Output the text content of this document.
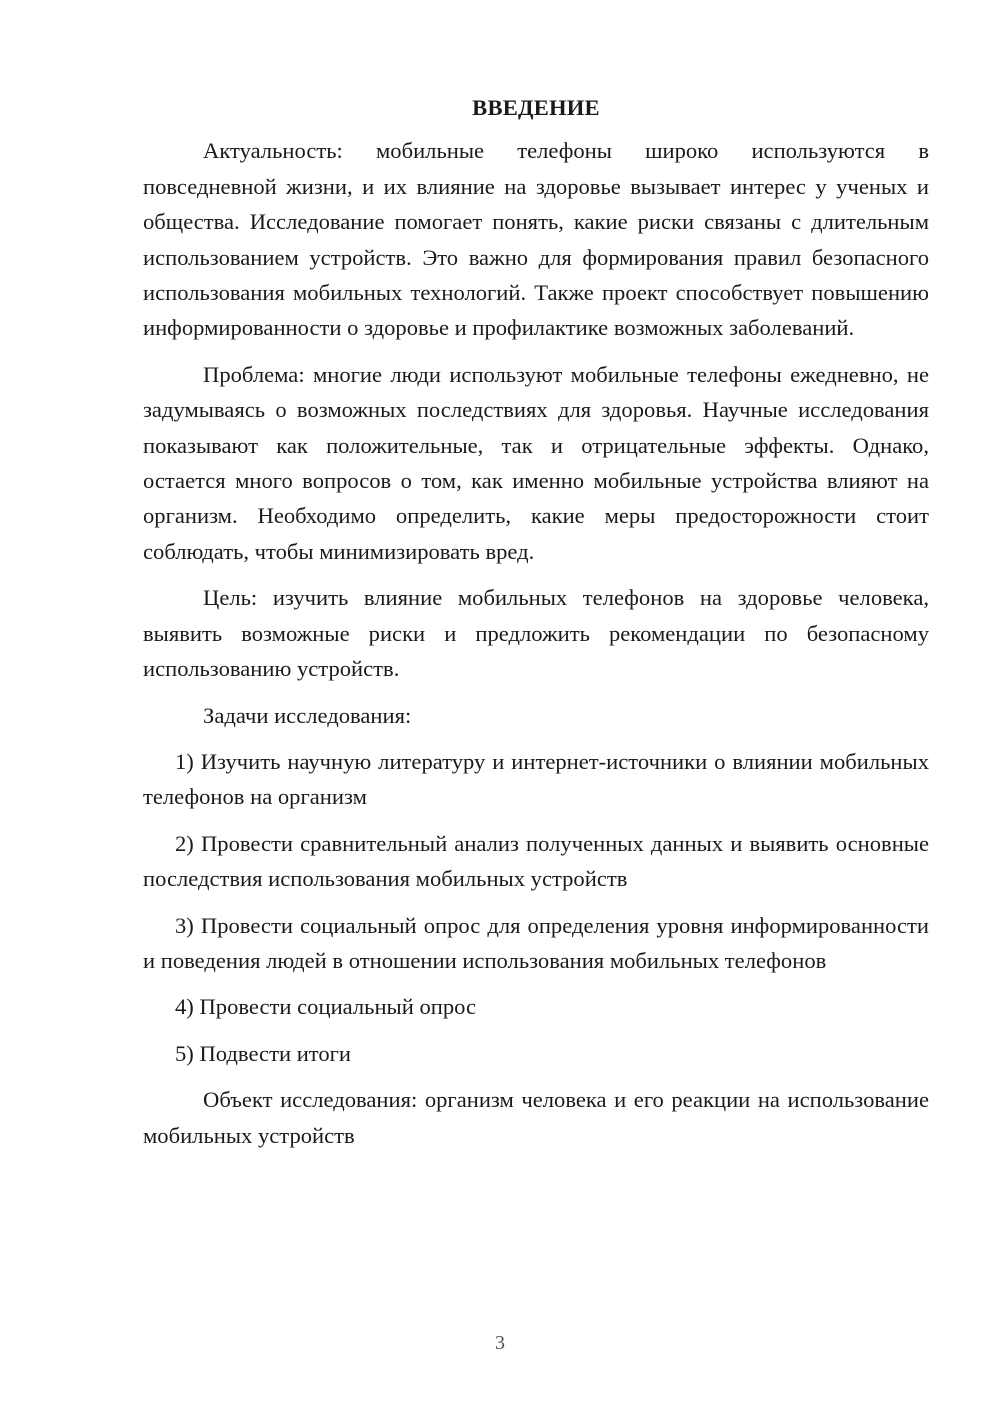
ВВЕДЕНИЕ

Актуальность: мобильные телефоны широко используются в повседневной жизни, и их влияние на здоровье вызывает интерес у ученых и общества. Исследование помогает понять, какие риски связаны с длительным использованием устройств. Это важно для формирования правил безопасного использования мобильных технологий. Также проект способствует повышению информированности о здоровье и профилактике возможных заболеваний.

Проблема: многие люди используют мобильные телефоны ежедневно, не задумываясь о возможных последствиях для здоровья. Научные исследования показывают как положительные, так и отрицательные эффекты. Однако, остается много вопросов о том, как именно мобильные устройства влияют на организм. Необходимо определить, какие меры предосторожности стоит соблюдать, чтобы минимизировать вред.

Цель: изучить влияние мобильных телефонов на здоровье человека, выявить возможные риски и предложить рекомендации по безопасному использованию устройств.

Задачи исследования:

1) Изучить научную литературу и интернет-источники о влиянии мобильных телефонов на организм

2) Провести сравнительный анализ полученных данных и выявить основные последствия использования мобильных устройств

3) Провести социальный опрос для определения уровня информированности и поведения людей в отношении использования мобильных телефонов

4) Провести социальный опрос

5) Подвести итоги

Объект исследования: организм человека и его реакции на использование мобильных устройств

3
